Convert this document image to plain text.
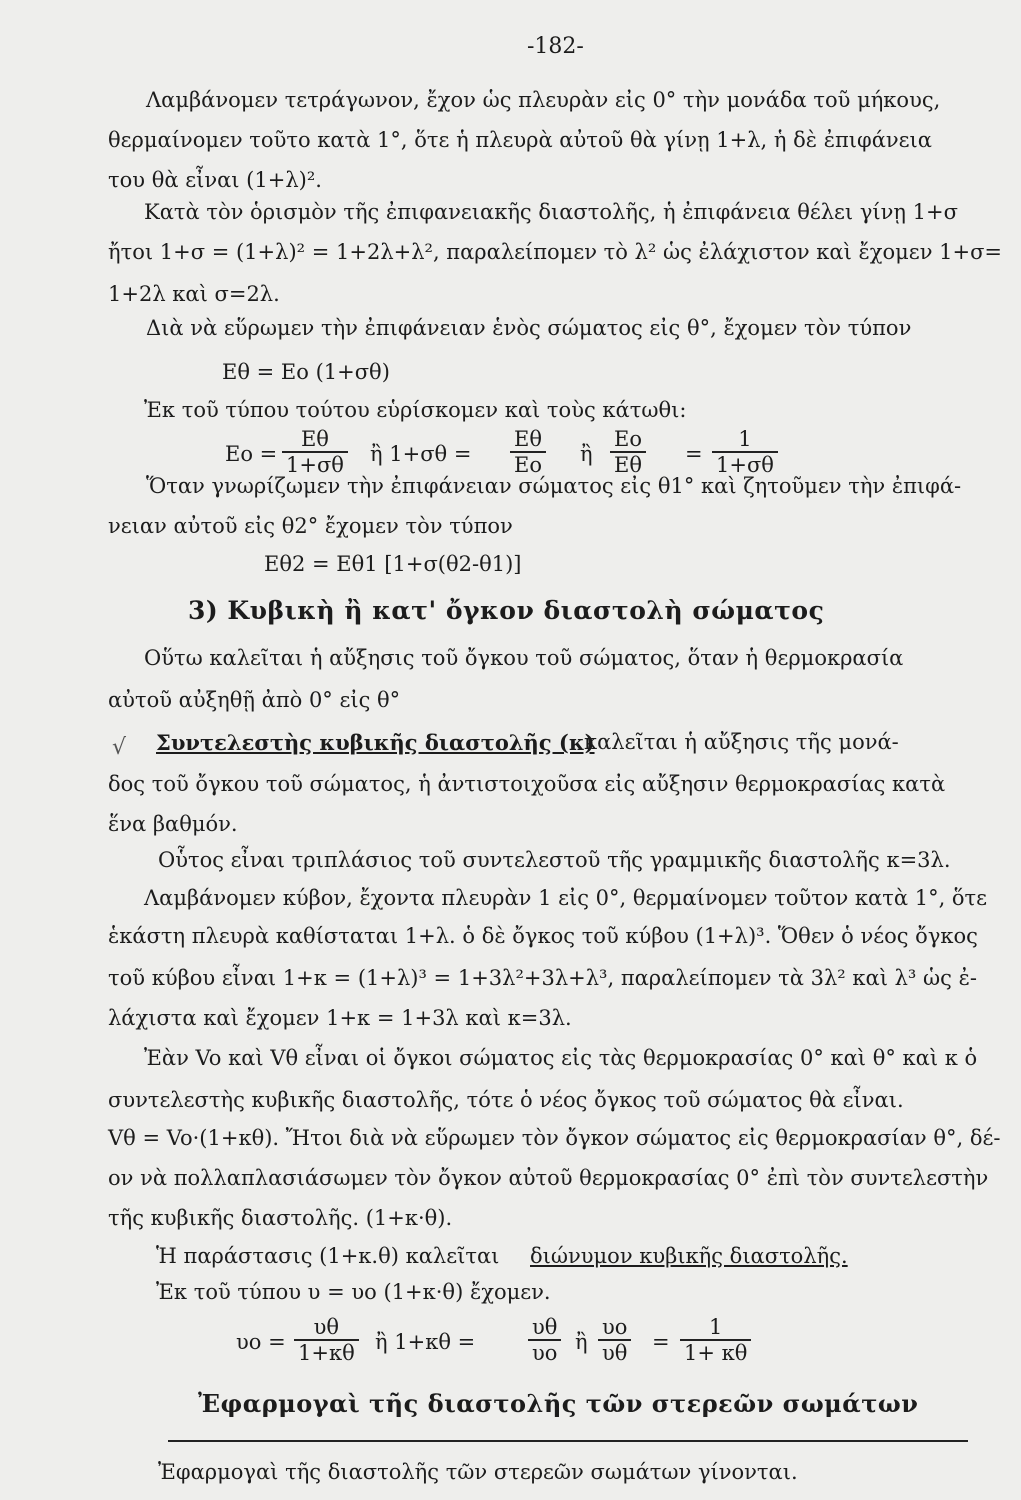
-182-
Λαμβάνομεν τετράγωνον, ἔχον ὡς πλευρὰν εἰς 0° τὴν μονάδα τοῦ μήκους,
θερμαίνομεν τοῦτο κατὰ 1°, ὅτε ἡ πλευρὰ αὐτοῦ θὰ γίνῃ 1+λ, ἡ δὲ ἐπιφάνεια
του θὰ εἶναι (1+λ)².
Κατὰ τὸν ὁρισμὸν τῆς ἐπιφανειακῆς διαστολῆς, ἡ ἐπιφάνεια θέλει γίνῃ 1+σ
ἤτοι 1+σ = (1+λ)² = 1+2λ+λ², παραλείπομεν τὸ λ² ὡς ἐλάχιστον καὶ ἔχομεν 1+σ=
1+2λ καὶ σ=2λ.
Διὰ νὰ εὕρωμεν τὴν ἐπιφάνειαν ἑνὸς σώματος εἰς θ°, ἔχομεν τὸν τύπον
Eθ = Eo (1+σθ)
Ἐκ τοῦ τύπου τούτου εὑρίσκομεν καὶ τοὺς κάτωθι:
$Eo = \frac{E\theta}{1+\sigma\theta}$ ἢ $1+\sigma\theta = \frac{E\theta}{Eo}$ ἢ $\frac{Eo}{E\theta} = \frac{1}{1+\sigma\theta}$
Ὅταν γνωρίζωμεν τὴν ἐπιφάνειαν σώματος εἰς θ1° καὶ ζητοῦμεν τὴν ἐπιφά-
νειαν αὐτοῦ εἰς θ2° ἔχομεν τὸν τύπον
Eθ2 = Eθ1 [1+σ(θ2-θ1)]
3) Κυβικὴ ἢ κατ' ὄγκον διαστολὴ σώματος
Οὕτω καλεῖται ἡ αὔξησις τοῦ ὄγκου τοῦ σώματος, ὅταν ἡ θερμοκρασία
αὐτοῦ αὐξηθῇ ἀπὸ 0° εἰς θ°
√ Συντελεστὴς κυβικῆς διαστολῆς (κ)
καλεῖται ἡ αὔξησις τῆς μονά-
δος τοῦ ὄγκου τοῦ σώματος, ἡ ἀντιστοιχοῦσα εἰς αὔξησιν θερμοκρασίας κατὰ
ἕνα βαθμόν.
Οὗτος εἶναι τριπλάσιος τοῦ συντελεστοῦ τῆς γραμμικῆς διαστολῆς κ=3λ.
Λαμβάνομεν κύβον, ἔχοντα πλευρὰν 1 εἰς 0°, θερμαίνομεν τοῦτον κατὰ 1°, ὅτε
ἑκάστη πλευρὰ καθίσταται 1+λ. ὁ δὲ ὄγκος τοῦ κύβου (1+λ)³. Ὅθεν ὁ νέος ὄγκος
τοῦ κύβου εἶναι 1+κ = (1+λ)³ = 1+3λ²+3λ+λ³, παραλείπομεν τὰ 3λ² καὶ λ³ ὡς ἐ-
λάχιστα καὶ ἔχομεν 1+κ = 1+3λ καὶ κ=3λ.
Ἐὰν Vo καὶ Vθ εἶναι οἱ ὄγκοι σώματος εἰς τὰς θερμοκρασίας 0° καὶ θ° καὶ κ ὁ
συντελεστὴς κυβικῆς διαστολῆς, τότε ὁ νέος ὄγκος τοῦ σώματος θὰ εἶναι.
Vθ = Vo·(1+κθ). Ἤτοι διὰ νὰ εὕρωμεν τὸν ὄγκον σώματος εἰς θερμοκρασίαν θ°, δέ-
ον νὰ πολλαπλασιάσωμεν τὸν ὄγκον αὐτοῦ θερμοκρασίας 0° ἐπὶ τὸν συντελεστὴν
τῆς κυβικῆς διαστολῆς. (1+κ·θ).
Ἡ παράστασις (1+κ.θ) καλεῖται διώνυμον κυβικῆς διαστολῆς.
Ἐκ τοῦ τύπου υ = υo (1+κ·θ) ἔχομεν.
$\upsilon o = \frac{\upsilon\theta}{1+\kappa\theta}$ ἢ 1+κθ =	$\frac{\upsilon\theta}{\upsilon o}$ ἢ $\frac{\upsilon o}{\upsilon\theta} = \frac{1}{1+ \kappa\theta}$
Ἐφαρμογαὶ τῆς διαστολῆς τῶν στερεῶν σωμάτων
Ἐφαρμογαὶ τῆς διαστολῆς τῶν στερεῶν σωμάτων γίνονται.
